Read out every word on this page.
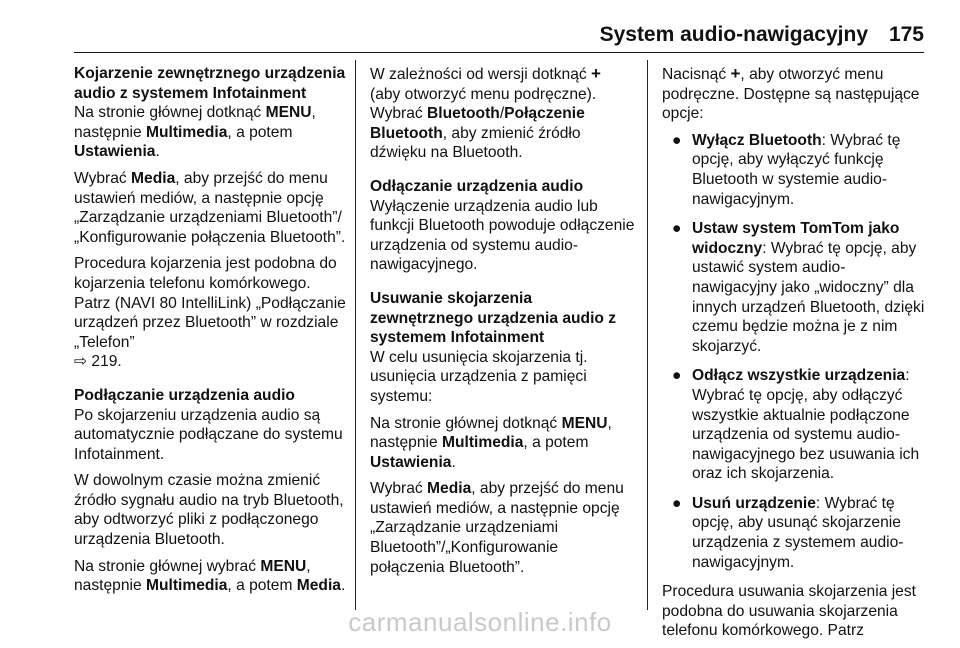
System audio-nawigacyjny 175

Kojarzenie zewnętrznego urządzenia audio z systemem Infotainment

Na stronie głównej dotknąć MENU, następnie Multimedia, a potem Ustawienia.

Wybrać Media, aby przejść do menu ustawień mediów, a następnie opcję „Zarządzanie urządzeniami Bluetooth”/„Konfigurowanie połączenia Bluetooth”.

Procedura kojarzenia jest podobna do kojarzenia telefonu komórkowego. Patrz (NAVI 80 IntelliLink) „Podłączanie urządzeń przez Bluetooth” w rozdziale „Telefon”
⇨ 219.

Podłączanie urządzenia audio

Po skojarzeniu urządzenia audio są automatycznie podłączane do systemu Infotainment.

W dowolnym czasie można zmienić źródło sygnału audio na tryb Bluetooth, aby odtworzyć pliki z podłączonego urządzenia Bluetooth.

Na stronie głównej wybrać MENU, następnie Multimedia, a potem Media.

W zależności od wersji dotknąć + (aby otworzyć menu podręczne). Wybrać Bluetooth/Połączenie Bluetooth, aby zmienić źródło dźwięku na Bluetooth.

Odłączanie urządzenia audio

Wyłączenie urządzenia audio lub funkcji Bluetooth powoduje odłączenie urządzenia od systemu audio-nawigacyjnego.

Usuwanie skojarzenia zewnętrznego urządzenia audio z systemem Infotainment

W celu usunięcia skojarzenia tj. usunięcia urządzenia z pamięci systemu:

Na stronie głównej dotknąć MENU, następnie Multimedia, a potem Ustawienia.

Wybrać Media, aby przejść do menu ustawień mediów, a następnie opcję „Zarządzanie urządzeniami Bluetooth”/„Konfigurowanie połączenia Bluetooth”.

Nacisnąć +, aby otworzyć menu podręczne. Dostępne są następujące opcje:

● Wyłącz Bluetooth: Wybrać tę opcję, aby wyłączyć funkcję Bluetooth w systemie audio-nawigacyjnym.
● Ustaw system TomTom jako widoczny: Wybrać tę opcję, aby ustawić system audio-nawigacyjny jako „widoczny” dla innych urządzeń Bluetooth, dzięki czemu będzie można je z nim skojarzyć.
● Odłącz wszystkie urządzenia: Wybrać tę opcję, aby odłączyć wszystkie aktualnie podłączone urządzenia od systemu audio-nawigacyjnego bez usuwania ich oraz ich skojarzenia.
● Usuń urządzenie: Wybrać tę opcję, aby usunąć skojarzenie urządzenia z systemem audio-nawigacyjnym.

Procedura usuwania skojarzenia jest podobna do usuwania skojarzenia telefonu komórkowego. Patrz

carmanualsonline.info
